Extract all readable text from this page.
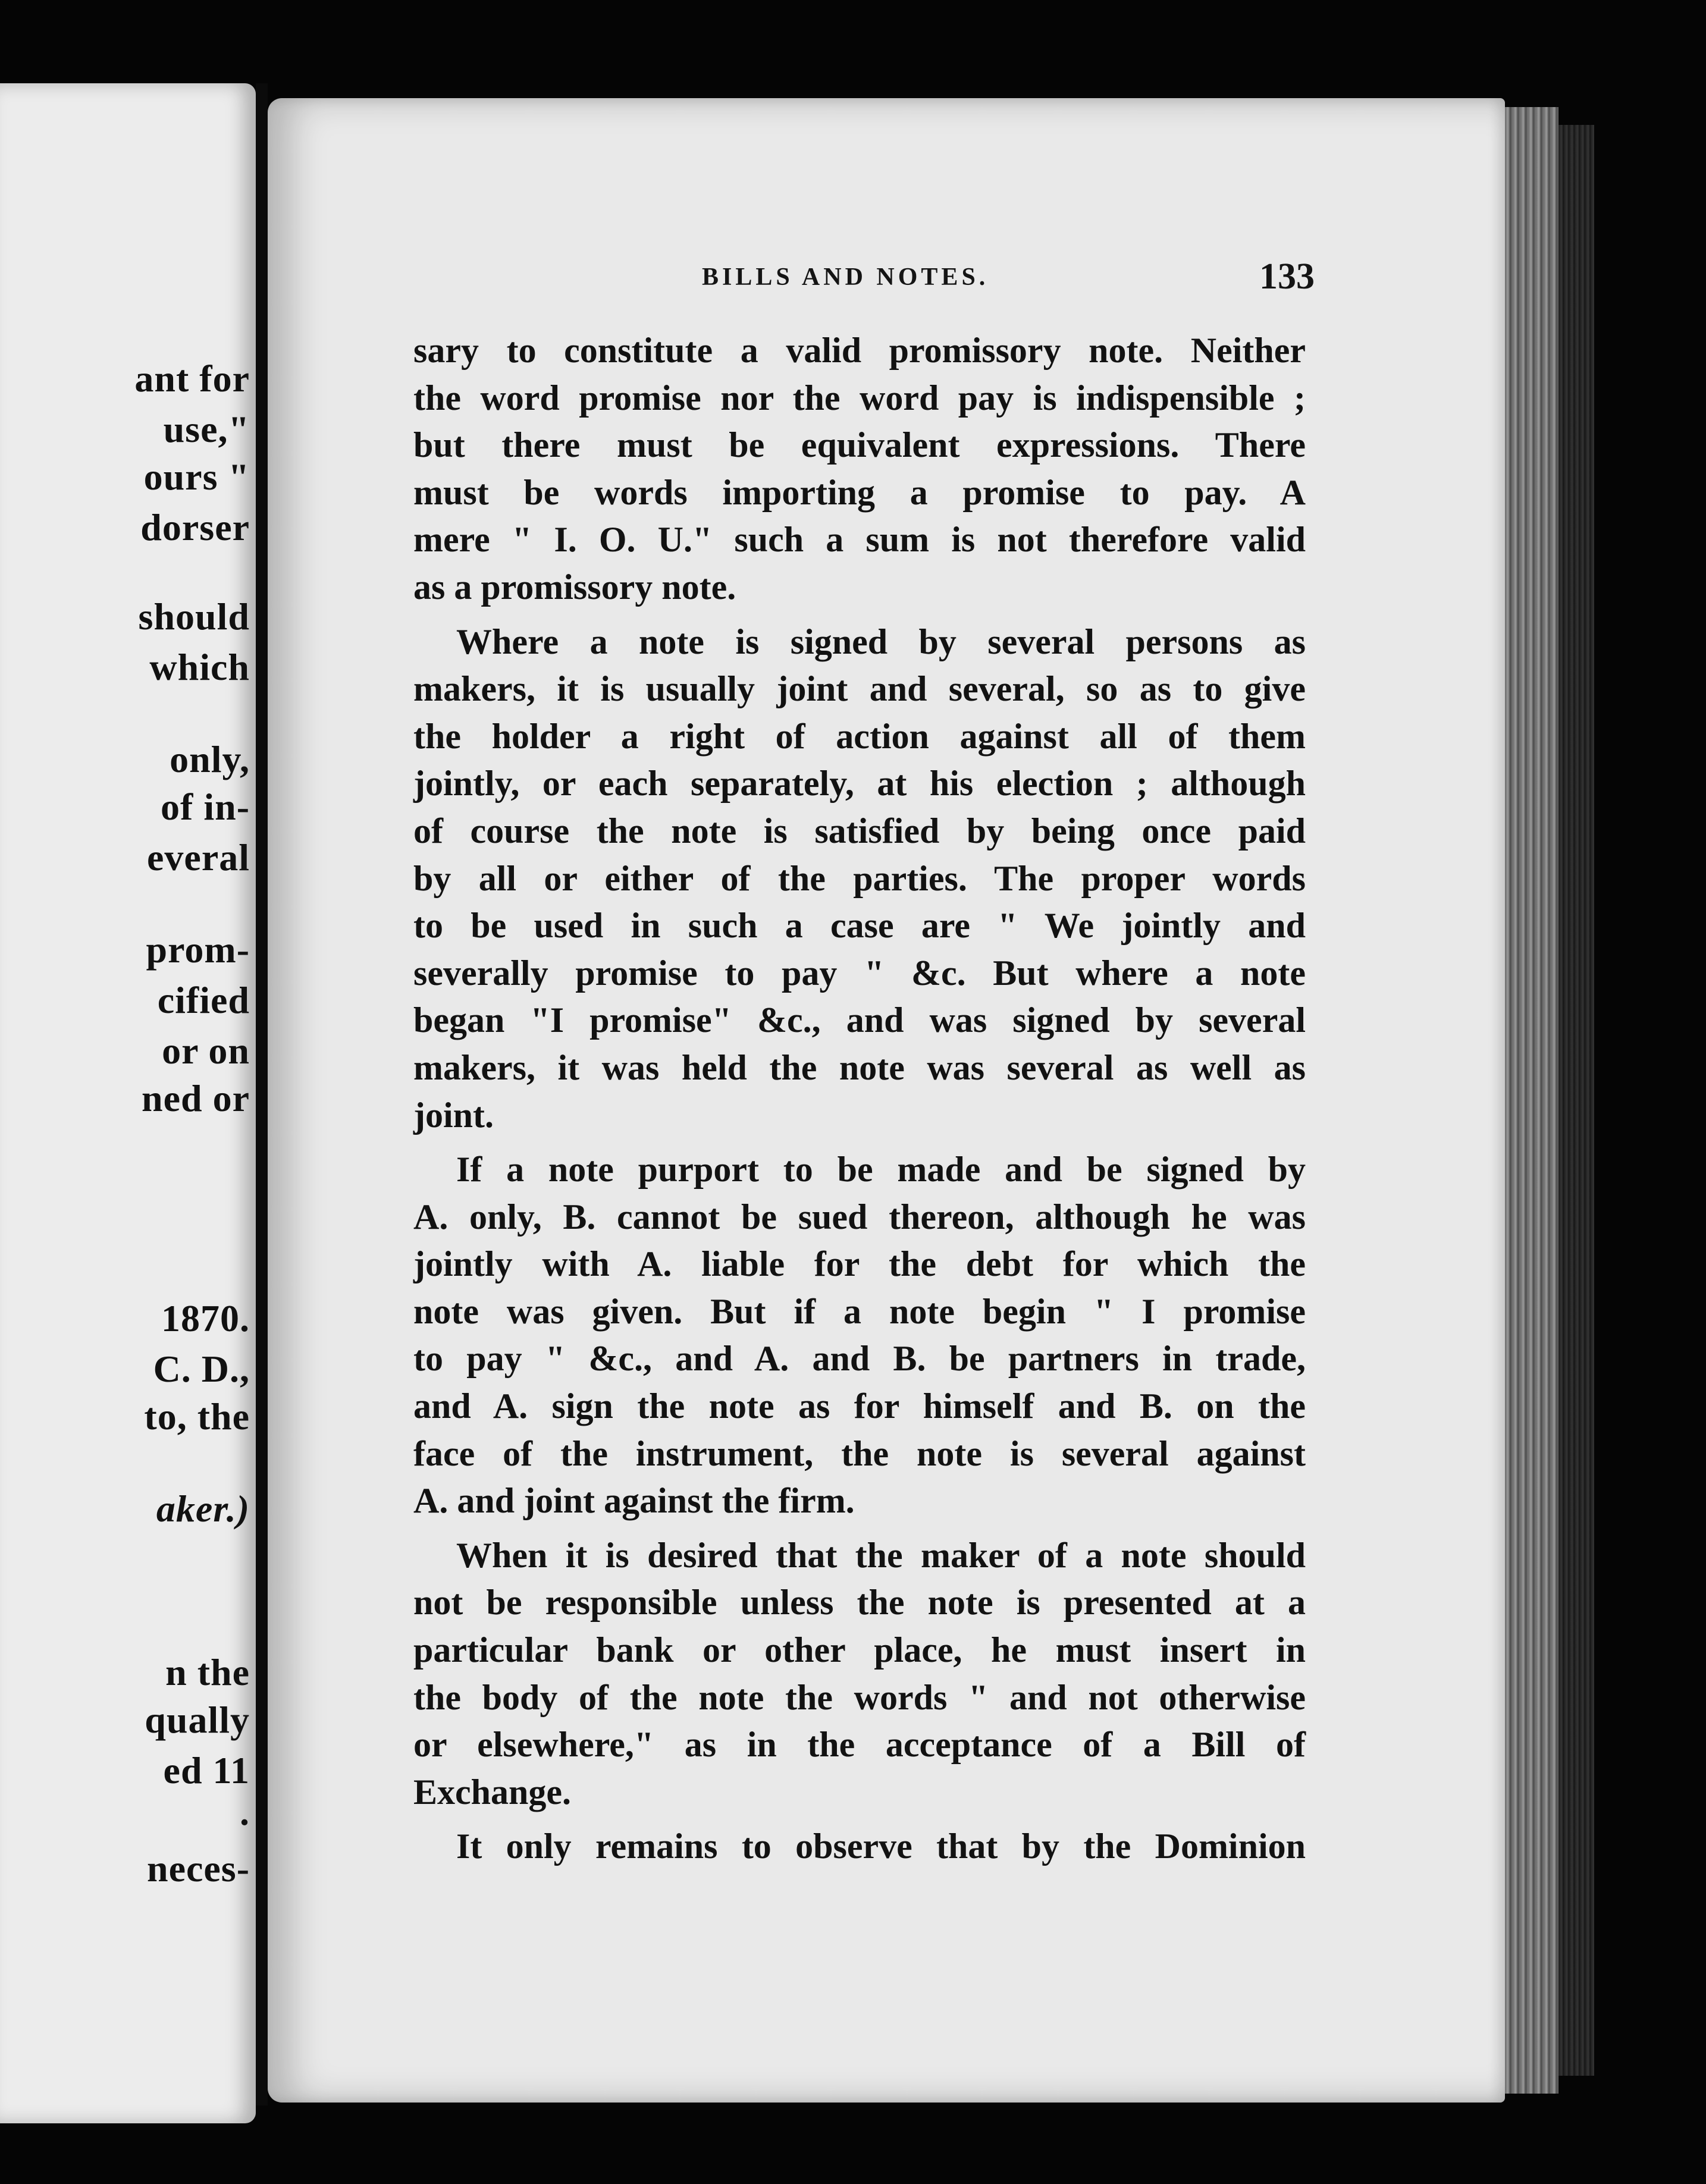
ant for
use,"
ours "
dorser
should
which
only,
of in-
everal
prom-
cified
or on
ned or
1870.
C. D.,
to, the
aker.)
n the
qually
ed 11
.
neces-
BILLS AND NOTES.	133
sary to constitute a valid promissory note. Neither
the word promise nor the word pay is indispensible ;
but there must be equivalent expressions. There
must be words importing a promise to pay. A
mere " I. O. U." such a sum is not therefore valid
as a promissory note.
Where a note is signed by several persons as
makers, it is usually joint and several, so as to give
the holder a right of action against all of them
jointly, or each separately, at his election ; although
of course the note is satisfied by being once paid
by all or either of the parties. The proper words
to be used in such a case are " We jointly and
severally promise to pay " &c. But where a note
began "I promise" &c., and was signed by several
makers, it was held the note was several as well as
joint.
If a note purport to be made and be signed by
A. only, B. cannot be sued thereon, although he was
jointly with A. liable for the debt for which the
note was given. But if a note begin " I promise
to pay " &c., and A. and B. be partners in trade,
and A. sign the note as for himself and B. on the
face of the instrument, the note is several against
A. and joint against the firm.
When it is desired that the maker of a note should
not be responsible unless the note is presented at a
particular bank or other place, he must insert in
the body of the note the words " and not otherwise
or elsewhere," as in the acceptance of a Bill of
Exchange.
It only remains to observe that by the Dominion
